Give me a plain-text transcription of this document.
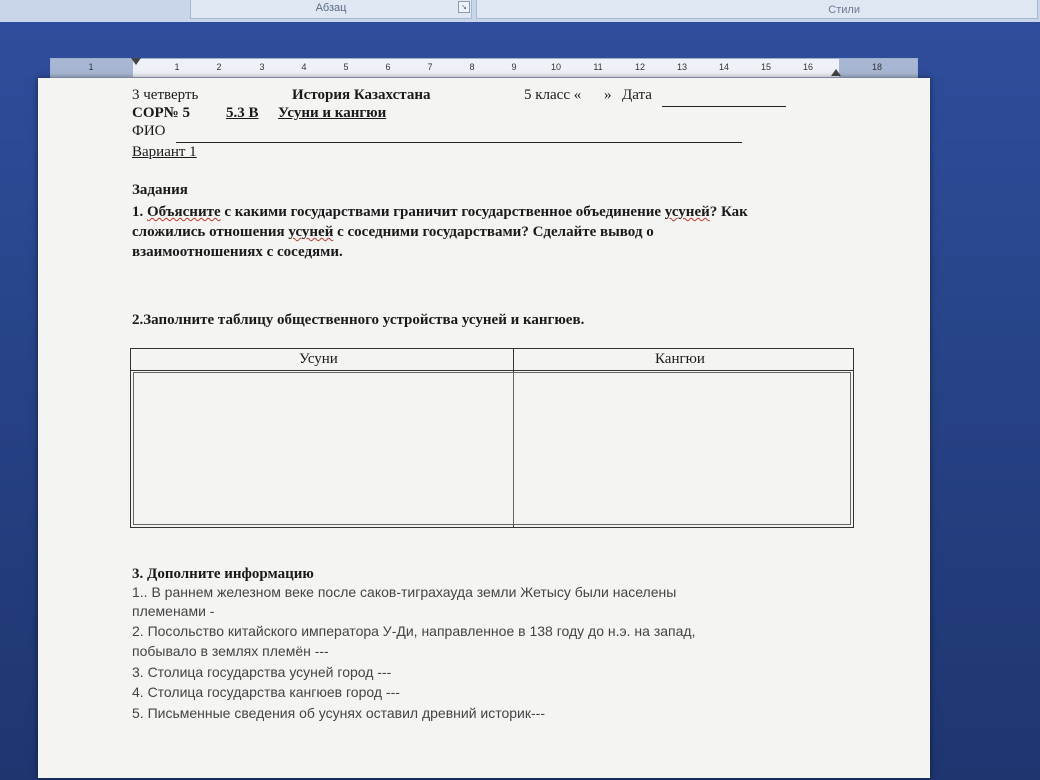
Абзац	↘	Стили
1	1	2	3	4	5	6	7	8	9	10	11	12	13	14	15	16	18
3 четверть	История Казахстана	5 класс « » Дата
СОР№ 5 5.3 В Усуни и кангюи
ФИО
Вариант 1
Задания
1. Объясните с какими государствами граничит государственное объединение усуней? Как
сложились отношения усуней с соседними государствами? Сделайте вывод о
взаимоотношениях с соседями.
2.Заполните таблицу общественного устройства усуней и кангюев.
Усуни	Кангюи
3. Дополните информацию
1.. В раннем железном веке после саков-тиграхауда земли Жетысу были населены
племенами -
2. Посольство китайского императора У-Ди, направленное в 138 году до н.э. на запад,
побывало в землях племён ---
3. Столица государства усуней город ---
4. Столица государства кангюев город ---
5. Письменные сведения об усунях оставил древний историк---
